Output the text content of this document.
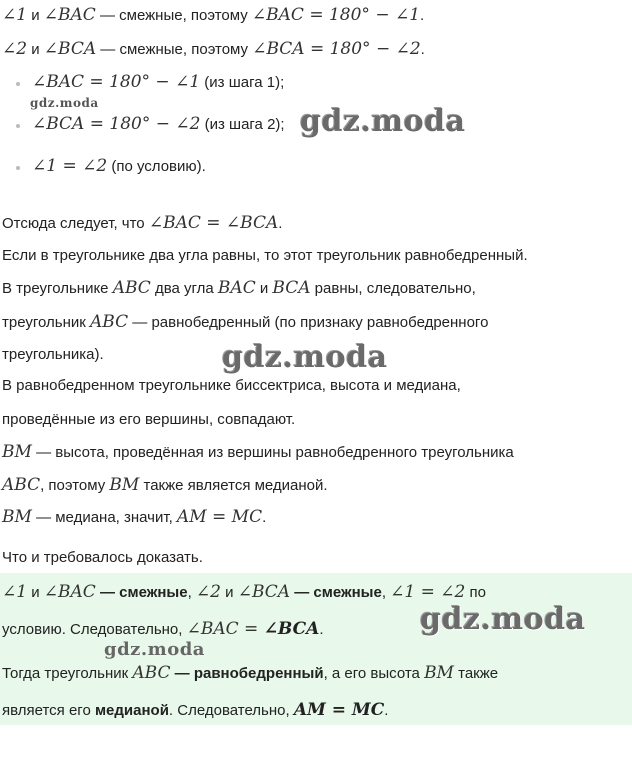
∠1 и ∠BAC — смежные, поэтому ∠BAC = 180° − ∠1.
∠2 и ∠BCA — смежные, поэтому ∠BCA = 180° − ∠2.
∠BAC = 180° − ∠1 (из шага 1);
∠BCA = 180° − ∠2 (из шага 2);
∠1 = ∠2 (по условию).
Отсюда следует, что ∠BAC = ∠BCA.
Если в треугольнике два угла равны, то этот треугольник равнобедренный.
В треугольнике ABC два угла BAC и BCA равны, следовательно,
треугольник ABC — равнобедренный (по признаку равнобедренного
треугольника).
В равнобедренном треугольнике биссектриса, высота и медиана,
проведённые из его вершины, совпадают.
BM — высота, проведённая из вершины равнобедренного треугольника
ABC, поэтому BM также является медианой.
BM — медиана, значит, AM = MC.
Что и требовалось доказать.
∠1 и ∠BAC — смежные, ∠2 и ∠BCA — смежные, ∠1 = ∠2 по
условию. Следовательно, ∠BAC = ∠BCA.
Тогда треугольник ABC — равнобедренный, а его высота BM также
является его медианой. Следовательно, AM = MC.
gdz.moda
gdz.moda
gdz.moda
gdz.moda
gdz.moda
